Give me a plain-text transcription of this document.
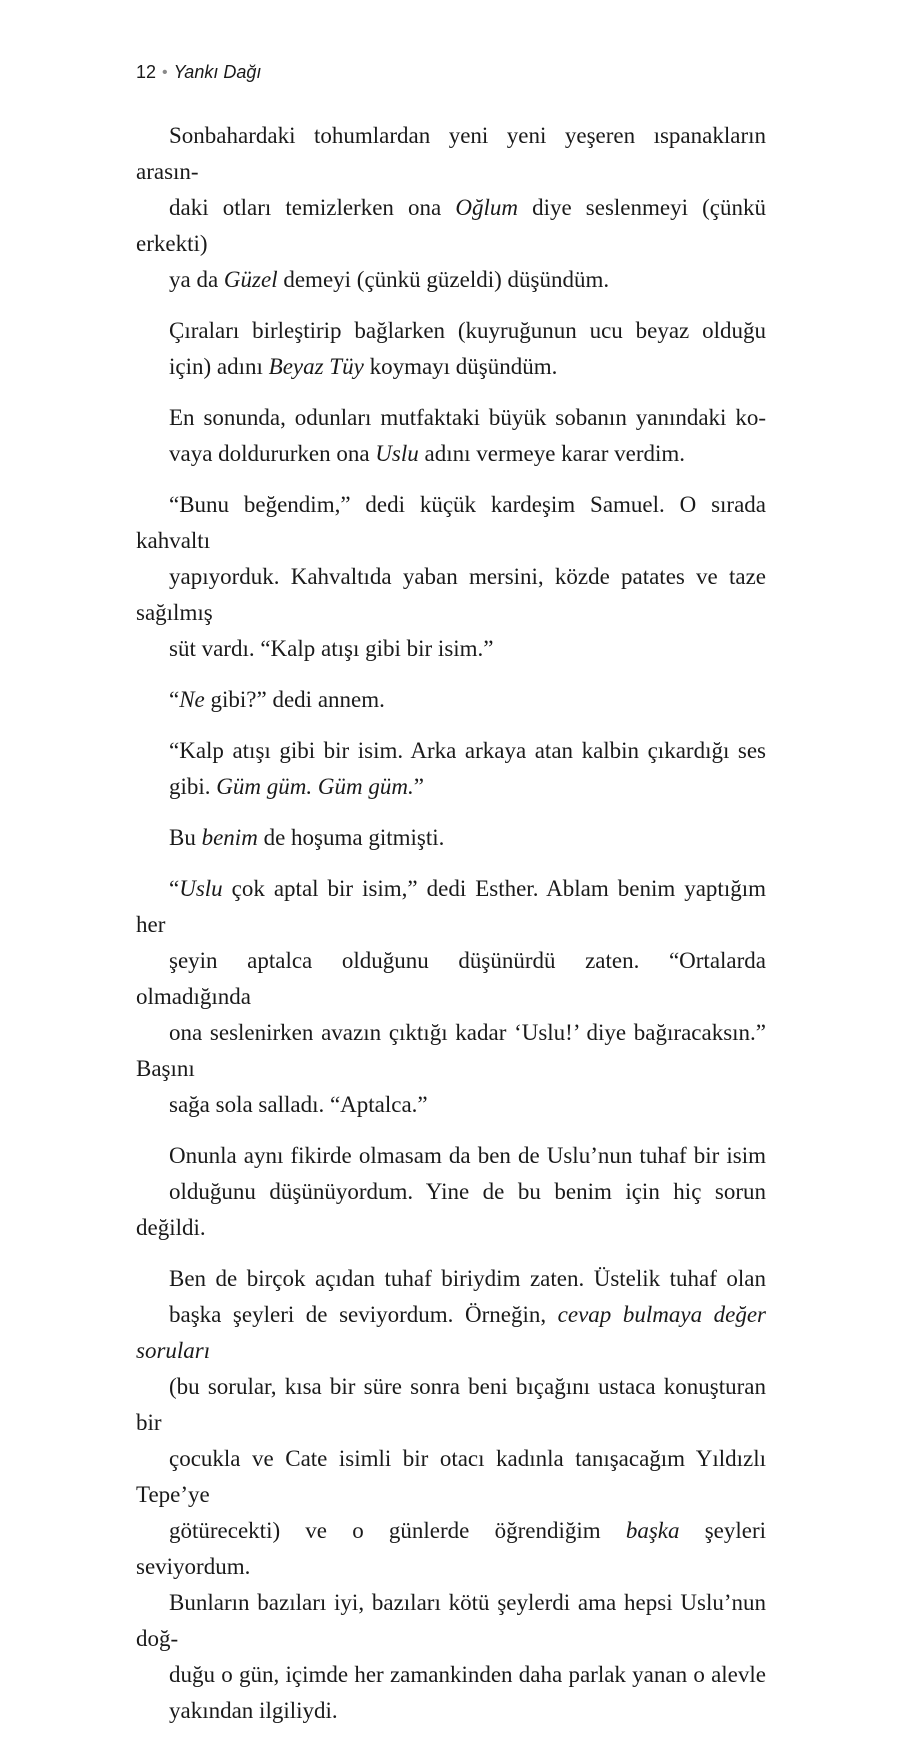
12 • Yankı Dağı

Sonbahardaki tohumlardan yeni yeni yeşeren ıspanakların arasın-
daki otları temizlerken ona Oğlum diye seslenmeyi (çünkü erkekti)
ya da Güzel demeyi (çünkü güzeldi) düşündüm.

Çıraları birleştirip bağlarken (kuyruğunun ucu beyaz olduğu
için) adını Beyaz Tüy koymayı düşündüm.

En sonunda, odunları mutfaktaki büyük sobanın yanındaki ko-
vaya doldururken ona Uslu adını vermeye karar verdim.

“Bunu beğendim,” dedi küçük kardeşim Samuel. O sırada kahvaltı
yapıyorduk. Kahvaltıda yaban mersini, közde patates ve taze sağılmış
süt vardı. “Kalp atışı gibi bir isim.”

“Ne gibi?” dedi annem.

“Kalp atışı gibi bir isim. Arka arkaya atan kalbin çıkardığı ses
gibi. Güm güm. Güm güm.”

Bu benim de hoşuma gitmişti.

“Uslu çok aptal bir isim,” dedi Esther. Ablam benim yaptığım her
şeyin aptalca olduğunu düşünürdü zaten. “Ortalarda olmadığında
ona seslenirken avazın çıktığı kadar ‘Uslu!’ diye bağıracaksın.” Başını
sağa sola salladı. “Aptalca.”

Onunla aynı fikirde olmasam da ben de Uslu’nun tuhaf bir isim
olduğunu düşünüyordum. Yine de bu benim için hiç sorun değildi.

Ben de birçok açıdan tuhaf biriydim zaten. Üstelik tuhaf olan
başka şeyleri de seviyordum. Örneğin, cevap bulmaya değer soruları
(bu sorular, kısa bir süre sonra beni bıçağını ustaca konuşturan bir
çocukla ve Cate isimli bir otacı kadınla tanışacağım Yıldızlı Tepe’ye
götürecekti) ve o günlerde öğrendiğim başka şeyleri seviyordum.
Bunların bazıları iyi, bazıları kötü şeylerdi ama hepsi Uslu’nun doğ-
duğu o gün, içimde her zamankinden daha parlak yanan o alevle
yakından ilgiliydi.
